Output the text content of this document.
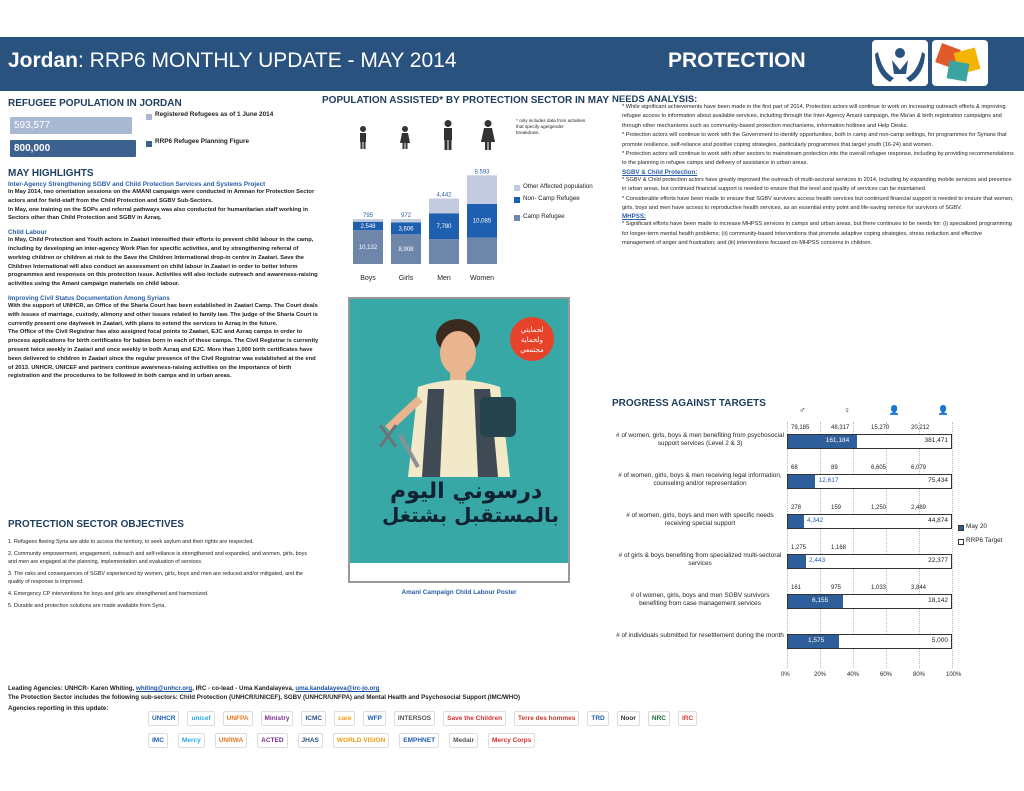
Jordan: RRP6 MONTHLY UPDATE - MAY 2014	PROTECTION
REFUGEE POPULATION IN JORDAN
593,577
800,000
Registered Refugees as of 1 June 2014
RRP6 Refugee Planning Figure
MAY HIGHLIGHTS
Inter-Agency Strengthening SGBV and Child Protection Services and Systems Project
In May 2014, two orientation sessions on the AMANI campaign were conducted in Amman for Protection Sector actors and for field-staff from the Child Protection and SGBV Sub-Sectors.
In May, one training on the SOPs and referral pathways was also conducted for humanitarian staff working in Sectors other than Child Protection and SGBV in Azraq.
Child Labour
In May, Child Protection and Youth actors in Zaatari intensified their efforts to prevent child labour in the camp, including by developing an inter-agency Work Plan for specific activities, and by strengthening referral of working children or children at risk to the Save the Children International drop-in centre in Zaatari. Save the Children International will also conduct an assessment on child labour in Zaatari in order to better inform programmes and responses on this protection issue. Activities will also include outreach and awareness-raising activities using the Amani campaign materials on child labour.
Improving Civil Status Documentation Among Syrians
With the support of UNHCR, an Office of the Sharia Court has been established in Zaatari Camp. The Court deals with issues of marriage, custody, alimony and other issues related to family law. The judge of the Sharia Court is currently present one day/week in Zaatari, with plans to extend the services to Azraq in the future.
The Office of the Civil Registrar has also assigned focal points to Zaatari, EJC and Azraq camps in order to process applications for birth certificates for babies born in each of these camps. The Civil Registrar is currently present twice weekly in Zaatari and once weekly in both Azraq and EJC. More than 1,000 birth certificates have been delivered to children in Zaatari since the regular presence of the Civil Registrar was established at the end of 2013. UNHCR, UNICEF and partners continue awareness-raising activities on the importance of birth registration and the procedures to be followed in both camps and in urban areas.
PROTECTION SECTOR OBJECTIVES
1. Refugees fleeing Syria are able to access the territory, to seek asylum and their rights are respected.
2. Community empowerment, engagement, outreach and self-reliance is strengthened and expanded, and women, girls, boys and men are engaged at the planning, implementation and evaluation of services.
3. The risks and consequences of SGBV experienced by women, girls, boys and men are reduced and/or mitigated, and the quality of response is improved.
4. Emergency CP interventions for boys and girls are strengthened and harmonized.
5. Durable and protection solutions are made available from Syria.
POPULATION ASSISTED* BY PROTECTION SECTOR IN MAY
* only includes data from activities that specify age/gender breakdown.
10,132
2,548
795
Boys
8,908
3,606
972
Girls
7,780
4,442
Men
10,085
8,593
Women
Other Affected population
Non- Camp Refugee
Camp Refugee
لحمايتي ولحماية مجتمعي
درسوني اليوم
بالمستقبل بشتغل
Amani Campaign Child Labour Poster
NEEDS ANALYSIS:
* While significant achievements have been made in the first part of 2014, Protection actors will continue to work on increasing outreach efforts & improving refugee access to information about available services, including through the Inter-Agency Amani campaign, the Ma'an & birth registration campaigns and through other mechanisms such as community-based protection mechanisms, information hotlines and Help Desks.
* Protection actors will continue to work with the Government to identify opportunities, both in camp and non-camp settings, for programmes for Syrians that promote resilience, self-reliance and positive coping strategies, particularly programmes that target youth (16-24) and women.
* Protection actors will continue to work with other sectors to mainstream protection into the overall refugee response, including by providing recommendations to the planning in refugee camps and delivery of assistance in urban areas.
SGBV & Child Protection:
* SGBV & Child protection actors have greatly improved the outreach of multi-sectoral services in 2014, including by expanding mobile services and presence in urban areas, but continued financial support is needed to ensure that the level and quality of services can be maintained.
* Considerable efforts have been made to ensure that SGBV survivors access health services but continued financial support is needed to ensure that women, girls, boys and men have access to reproductive health services, as an essential entry point and life-saving service for survivors of SGBV.
MHPSS:
* Significant efforts have been made to increase MHPSS services in camps and urban areas, but there continues to be needs for: (i) specialized programming for longer-term mental health problems; (ii) community-based interventions that promote adaptive coping strategies, stress reduction and effective management of anger and frustration; and (iii) interventions focused on MHPSS concerns in children.
PROGRESS AGAINST TARGETS
♂	♀	👤	👤
# of women, girls, boys & men benefiting from psychosocial support services (Level 2 & 3)
79,185	48,317	15,270	20,212
161,184	381,471
# of women, girls, boys & men receiving legal information, counseling and/or representation
68	89	6,605	6,079
12,617	75,434
# of women, girls, boys and men with specific needs receiving special support
278	159	1,250	2,489
4,342	44,874
# of girls & boys benefiting from specialized multi-sectoral services
1,275	1,168
2,443	22,377
# of women, girls, boys and men SGBV survivors benefiting from case management services
161	975	1,033	3,844
6,155	18,142
# of individuals submitted for resettlement during the month
1,575	5,000
0%	20%	40%	60%	80%	100%
May 20
RRP6 Target
Leading Agencies: UNHCR- Karen Whiting, whiting@unhcr.org, IRC - co-lead - Uma Kandalayeva, uma.kandalayeva@irc-jo.org
The Protection Sector includes the following sub-sectors: Child Protection (UNHCR/UNICEF), SGBV (UNHCR/UNFPA) and Mental Health and Psychosocial Support (IMC/WHO)
Agencies reporting in this update:
UNHCR	unicef	UNFPA	Ministry	ICMC	care	WFP	INTERSOS	Save the Children	Terre des hommes	TRD	Noor	NRC	IRC
IMC	Mercy	UNRWA	ACTED	JHAS	WORLD VISION	EMPHNET	Medair	Mercy Corps
